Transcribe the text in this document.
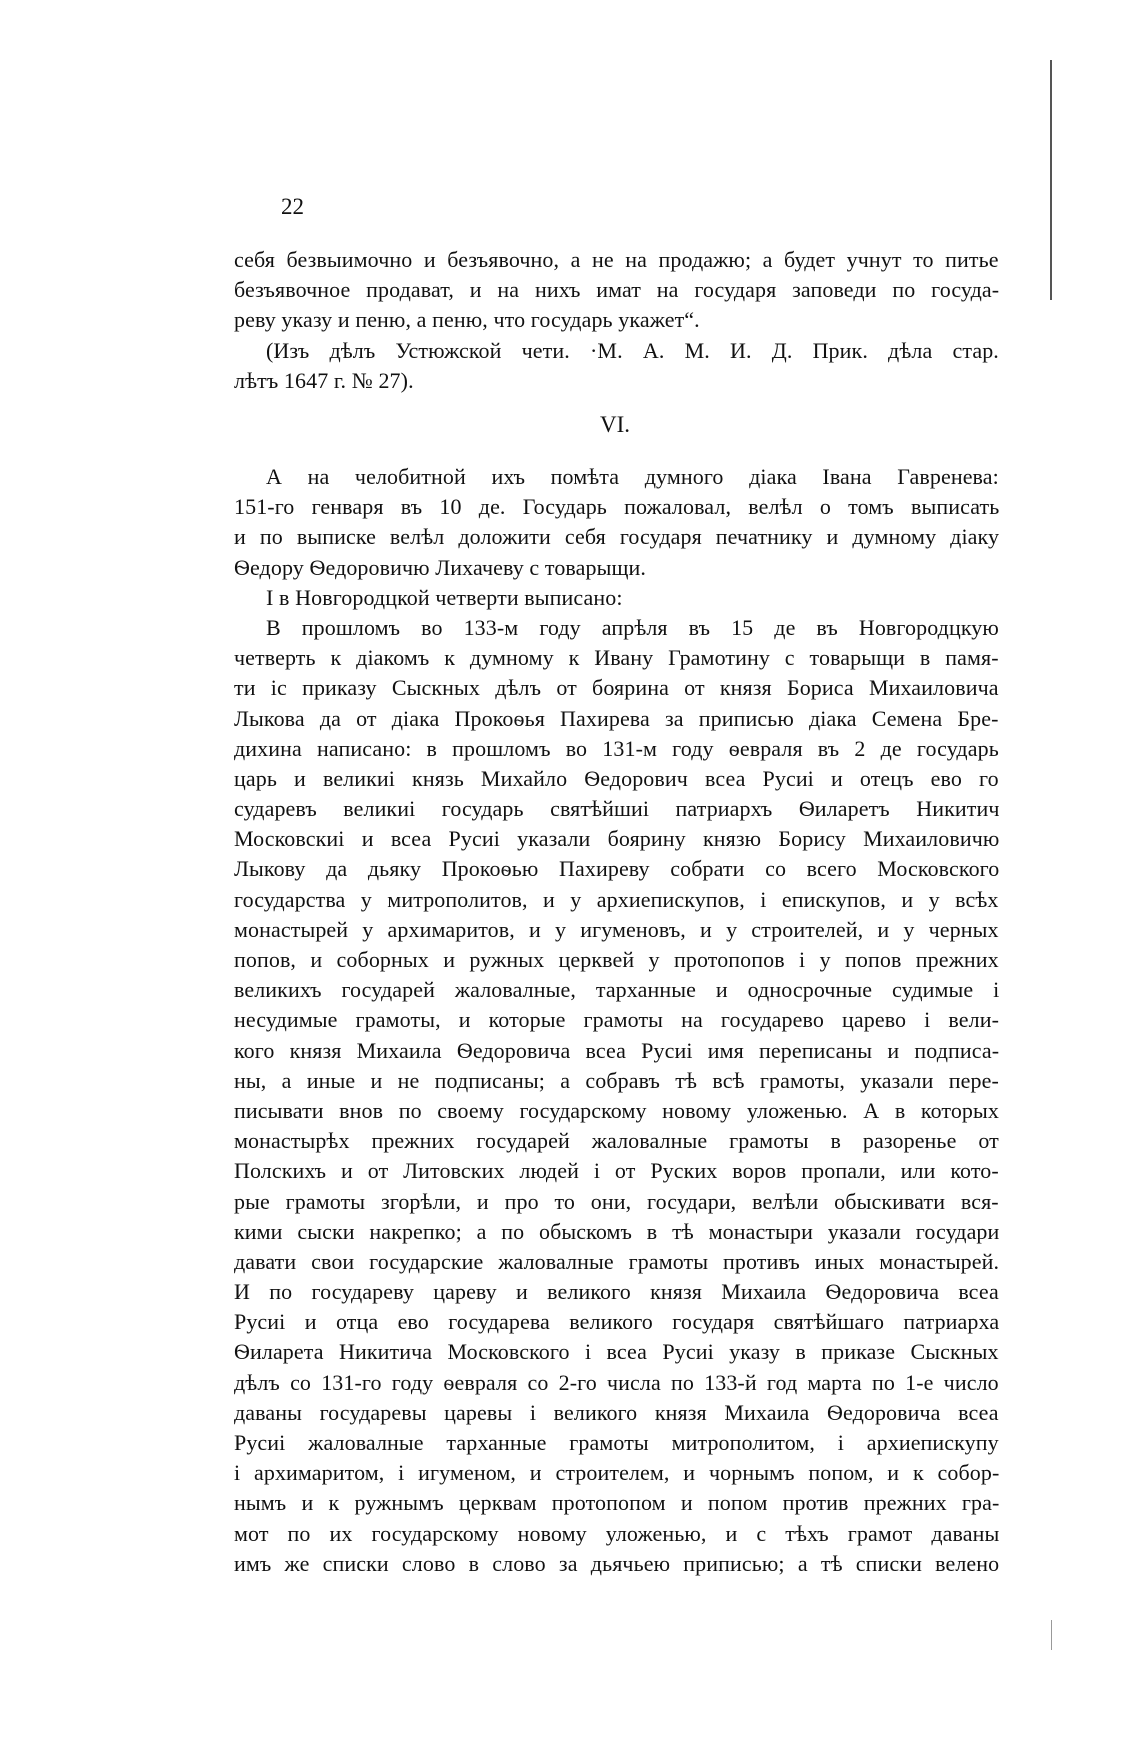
22
себя безвыимочно и безъявочно, а не на продажю; а будет учнут то питье
безъявочное продават, и на нихъ имат на государя заповеди по госуда-
реву указу и пеню, а пеню, что государь укажет“.
(Изъ дѣлъ Устюжской чети. ·М. А. М. И. Д. Прик. дѣла стар.
лѣтъ 1647 г. № 27).
VI.
А на челобитной ихъ помѣта думного дiака Iвана Гавренева:
151-го генваря въ 10 де. Государь пожаловал, велѣл о томъ выписать
и по выписке велѣл доложити себя государя печатнику и думному дiаку
Ѳедору Ѳедоровичю Лихачеву с товарыщи.
I в Новгородцкой четверти выписано:
В прошломъ во 133-м году апрѣля въ 15 де въ Новгородцкую
четверть к дiакомъ к думному к Ивану Грамотину с товарыщи в памя-
ти iс приказу Сыскных дѣлъ от боярина от князя Бориса Михаиловича
Лыкова да от дiака Прокоѳья Пахирева за приписью дiака Семена Бре-
дихина написано: в прошломъ во 131-м году ѳевраля въ 2 де государь
царь и великиi князь Михайло Ѳедорович всеа Русиi и отецъ ево го
сударевъ великиi государь святѣйшиi патриархъ Ѳиларетъ Никитич
Московскиi и всеа Русиi указали боярину князю Борису Михаиловичю
Лыкову да дьяку Прокоѳью Пахиреву собрати со всего Московского
государства у митрополитов, и у архиепискупов, i епискупов, и у всѣх
монастырей у архимаритов, и у игуменовъ, и у строителей, и у черных
попов, и соборных и ружных церквей у протопопов i у попов прежних
великихъ государей жаловалные, тарханные и односрочные судимые i
несудимые грамоты, и которые грамоты на государево царево i вели-
кого князя Михаила Ѳедоровича всеа Русиi имя переписаны и подписа-
ны, а иные и не подписаны; а собравъ тѣ всѣ грамоты, указали пере-
писывати внов по своему государскому новому уложенью. А в которых
монастырѣх прежних государей жаловалные грамоты в разоренье от
Полскихъ и от Литовских людей i от Руских воров пропали, или кото-
рые грамоты згорѣли, и про то они, государи, велѣли обыскивати вся-
кими сыски накрепко; а по обыскомъ в тѣ монастыри указали государи
давати свои государские жаловалные грамоты противъ иных монастырей.
И по государеву цареву и великого князя Михаила Ѳедоровича всеа
Русиi и отца ево государева великого государя святѣйшаго патриарха
Ѳиларета Никитича Московского i всеа Русиi указу в приказе Сыскных
дѣлъ со 131-го году ѳевраля со 2-го числа по 133-й год марта по 1-е число
даваны государевы царевы i великого князя Михаила Ѳедоровича всеа
Русиi жаловалные тарханные грамоты митрополитом, i архиепискупу
i архимаритом, i игуменом, и строителем, и чорнымъ попом, и к собор-
нымъ и к ружнымъ церквам протопопом и попом против прежних гра-
мот по их государскому новому уложенью, и с тѣхъ грамот даваны
имъ же списки слово в слово за дьячьею приписью; а тѣ списки велено
